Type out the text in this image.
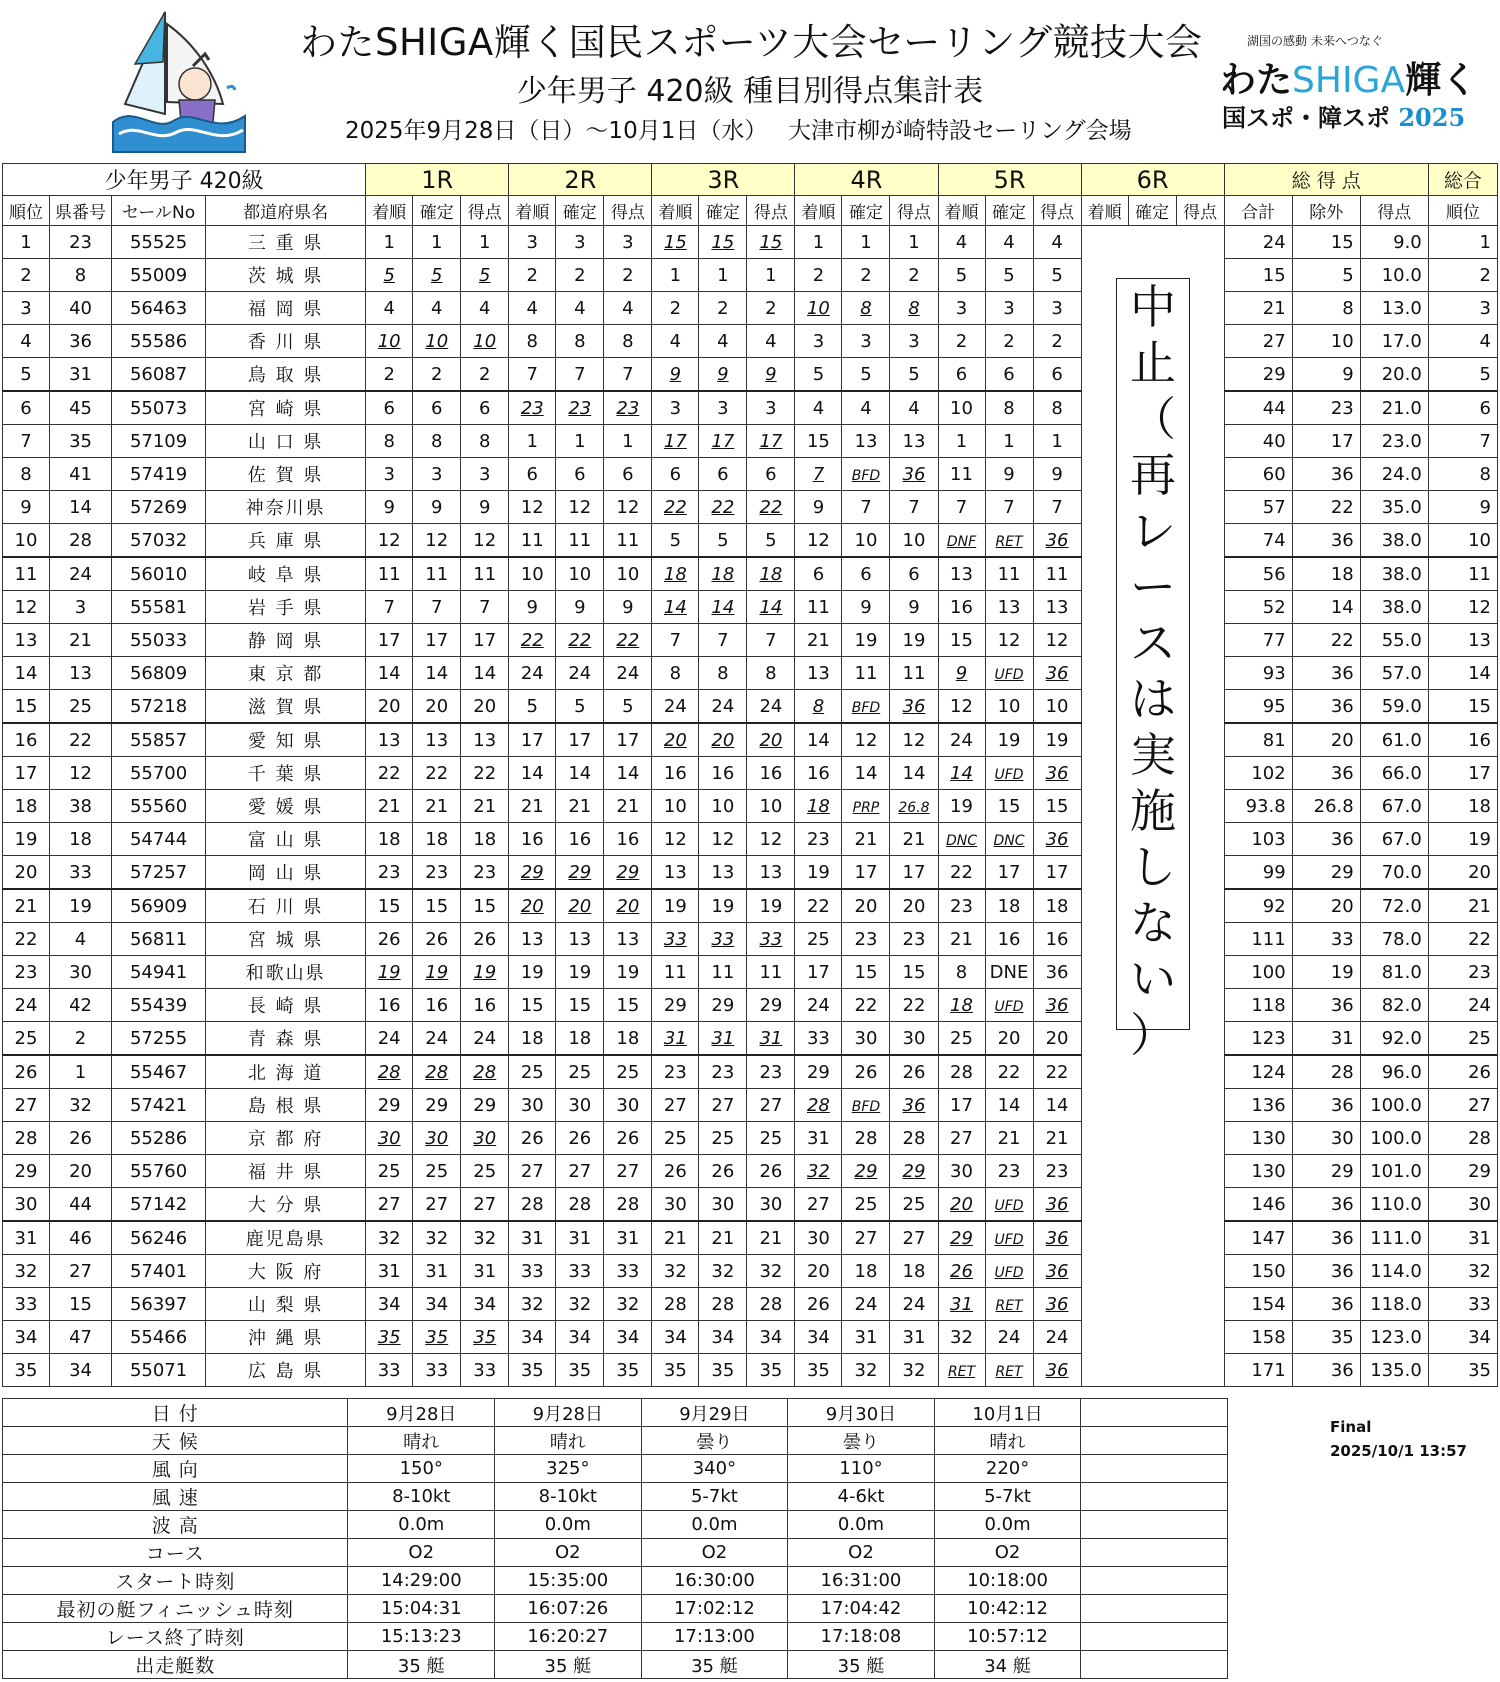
わたSHIGA輝く国民スポーツ大会セーリング競技大会
少年男子 420級 種目別得点集計表
2025年9月28日（日）～10月1日（水） 大津市柳が崎特設セーリング会場
湖国の感動 未来へつなぐ
わたSHIGA輝く
国スポ・障スポ 2025
少年男子 420級				1R			2R			3R			4R			5R			6R			総 得 点			総合
順位	県番号	セールNo	都道府県名	着順	確定	得点	着順	確定	得点	着順	確定	得点	着順	確定	得点	着順	確定	得点	着順	確定	得点	合計	除外	得点	順位
1	23	55525	三 重 県	1	1	1	3	3	3	15	15	15	1	1	1	4	4	4				24	15	9.0	1
2	8	55009	茨 城 県	5	5	5	2	2	2	1	1	1	2	2	2	5	5	5				15	5	10.0	2
3	40	56463	福 岡 県	4	4	4	4	4	4	2	2	2	10	8	8	3	3	3				21	8	13.0	3
4	36	55586	香 川 県	10	10	10	8	8	8	4	4	4	3	3	3	2	2	2				27	10	17.0	4
5	31	56087	鳥 取 県	2	2	2	7	7	7	9	9	9	5	5	5	6	6	6				29	9	20.0	5
6	45	55073	宮 崎 県	6	6	6	23	23	23	3	3	3	4	4	4	10	8	8				44	23	21.0	6
7	35	57109	山 口 県	8	8	8	1	1	1	17	17	17	15	13	13	1	1	1				40	17	23.0	7
8	41	57419	佐 賀 県	3	3	3	6	6	6	6	6	6	7	BFD	36	11	9	9				60	36	24.0	8
9	14	57269	神奈川県	9	9	9	12	12	12	22	22	22	9	7	7	7	7	7				57	22	35.0	9
10	28	57032	兵 庫 県	12	12	12	11	11	11	5	5	5	12	10	10	DNF	RET	36				74	36	38.0	10
11	24	56010	岐 阜 県	11	11	11	10	10	10	18	18	18	6	6	6	13	11	11				56	18	38.0	11
12	3	55581	岩 手 県	7	7	7	9	9	9	14	14	14	11	9	9	16	13	13				52	14	38.0	12
13	21	55033	静 岡 県	17	17	17	22	22	22	7	7	7	21	19	19	15	12	12				77	22	55.0	13
14	13	56809	東 京 都	14	14	14	24	24	24	8	8	8	13	11	11	9	UFD	36				93	36	57.0	14
15	25	57218	滋 賀 県	20	20	20	5	5	5	24	24	24	8	BFD	36	12	10	10				95	36	59.0	15
16	22	55857	愛 知 県	13	13	13	17	17	17	20	20	20	14	12	12	24	19	19				81	20	61.0	16
17	12	55700	千 葉 県	22	22	22	14	14	14	16	16	16	16	14	14	14	UFD	36				102	36	66.0	17
18	38	55560	愛 媛 県	21	21	21	21	21	21	10	10	10	18	PRP	26.8	19	15	15				93.8	26.8	67.0	18
19	18	54744	富 山 県	18	18	18	16	16	16	12	12	12	23	21	21	DNC	DNC	36				103	36	67.0	19
20	33	57257	岡 山 県	23	23	23	29	29	29	13	13	13	19	17	17	22	17	17				99	29	70.0	20
21	19	56909	石 川 県	15	15	15	20	20	20	19	19	19	22	20	20	23	18	18				92	20	72.0	21
22	4	56811	宮 城 県	26	26	26	13	13	13	33	33	33	25	23	23	21	16	16				111	33	78.0	22
23	30	54941	和歌山県	19	19	19	19	19	19	11	11	11	17	15	15	8	DNE	36				100	19	81.0	23
24	42	55439	長 崎 県	16	16	16	15	15	15	29	29	29	24	22	22	18	UFD	36				118	36	82.0	24
25	2	57255	青 森 県	24	24	24	18	18	18	31	31	31	33	30	30	25	20	20				123	31	92.0	25
26	1	55467	北 海 道	28	28	28	25	25	25	23	23	23	29	26	26	28	22	22				124	28	96.0	26
27	32	57421	島 根 県	29	29	29	30	30	30	27	27	27	28	BFD	36	17	14	14				136	36	100.0	27
28	26	55286	京 都 府	30	30	30	26	26	26	25	25	25	31	28	28	27	21	21				130	30	100.0	28
29	20	55760	福 井 県	25	25	25	27	27	27	26	26	26	32	29	29	30	23	23				130	29	101.0	29
30	44	57142	大 分 県	27	27	27	28	28	28	30	30	30	27	25	25	20	UFD	36				146	36	110.0	30
31	46	56246	鹿児島県	32	32	32	31	31	31	21	21	21	30	27	27	29	UFD	36				147	36	111.0	31
32	27	57401	大 阪 府	31	31	31	33	33	33	32	32	32	20	18	18	26	UFD	36				150	36	114.0	32
33	15	56397	山 梨 県	34	34	34	32	32	32	28	28	28	26	24	24	31	RET	36				154	36	118.0	33
34	47	55466	沖 縄 県	35	35	35	34	34	34	34	34	34	34	31	31	32	24	24				158	35	123.0	34
35	34	55071	広 島 県	33	33	33	35	35	35	35	35	35	35	32	32	RET	RET	36				171	36	135.0	35
中
止
（
再
レ
ー
ス
は
実
施
し
な
い
）
日 付	9月28日	9月28日	9月29日	9月30日	10月1日	
天 候	晴れ	晴れ	曇り	曇り	晴れ	
風 向	150°	325°	340°	110°	220°	
風 速	8-10kt	8-10kt	5-7kt	4-6kt	5-7kt	
波 高	0.0m	0.0m	0.0m	0.0m	0.0m	
コース	O2	O2	O2	O2	O2	
スタート時刻	14:29:00	15:35:00	16:30:00	16:31:00	10:18:00	
最初の艇フィニッシュ時刻	15:04:31	16:07:26	17:02:12	17:04:42	10:42:12	
レース終了時刻	15:13:23	16:20:27	17:13:00	17:18:08	10:57:12	
出走艇数	35 艇	35 艇	35 艇	35 艇	34 艇	
Final
2025/10/1 13:57
